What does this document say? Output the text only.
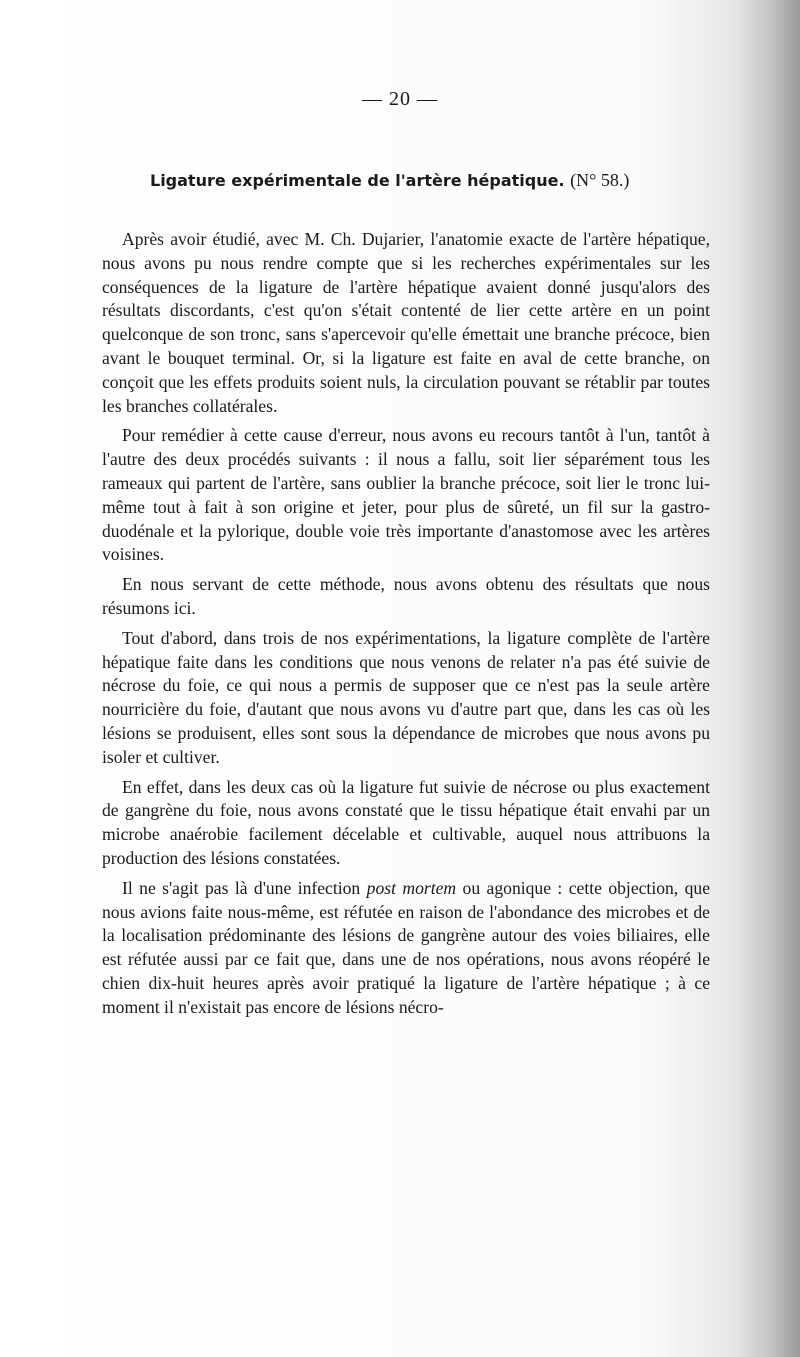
— 20 —
Ligature expérimentale de l'artère hépatique. (N° 58.)

Après avoir étudié, avec M. Ch. Dujarier, l'anatomie exacte de l'artère hépatique, nous avons pu nous rendre compte que si les recherches expérimentales sur les conséquences de la ligature de l'artère hépatique avaient donné jusqu'alors des résultats discordants, c'est qu'on s'était contenté de lier cette artère en un point quelconque de son tronc, sans s'apercevoir qu'elle émettait une branche précoce, bien avant le bouquet terminal. Or, si la ligature est faite en aval de cette branche, on conçoit que les effets produits soient nuls, la circulation pouvant se rétablir par toutes les branches collatérales.

Pour remédier à cette cause d'erreur, nous avons eu recours tantôt à l'un, tantôt à l'autre des deux procédés suivants : il nous a fallu, soit lier séparément tous les rameaux qui partent de l'artère, sans oublier la branche précoce, soit lier le tronc lui-même tout à fait à son origine et jeter, pour plus de sûreté, un fil sur la gastro-duodénale et la pylorique, double voie très importante d'anastomose avec les artères voisines.

En nous servant de cette méthode, nous avons obtenu des résultats que nous résumons ici.

Tout d'abord, dans trois de nos expérimentations, la ligature complète de l'artère hépatique faite dans les conditions que nous venons de relater n'a pas été suivie de nécrose du foie, ce qui nous a permis de supposer que ce n'est pas la seule artère nourricière du foie, d'autant que nous avons vu d'autre part que, dans les cas où les lésions se produisent, elles sont sous la dépendance de microbes que nous avons pu isoler et cultiver.

En effet, dans les deux cas où la ligature fut suivie de nécrose ou plus exactement de gangrène du foie, nous avons constaté que le tissu hépatique était envahi par un microbe anaérobie facilement décelable et cultivable, auquel nous attribuons la production des lésions constatées.

Il ne s'agit pas là d'une infection post mortem ou agonique : cette objection, que nous avions faite nous-même, est réfutée en raison de l'abondance des microbes et de la localisation prédominante des lésions de gangrène autour des voies biliaires, elle est réfutée aussi par ce fait que, dans une de nos opérations, nous avons réopéré le chien dix-huit heures après avoir pratiqué la ligature de l'artère hépatique ; à ce moment il n'existait pas encore de lésions nécro-
